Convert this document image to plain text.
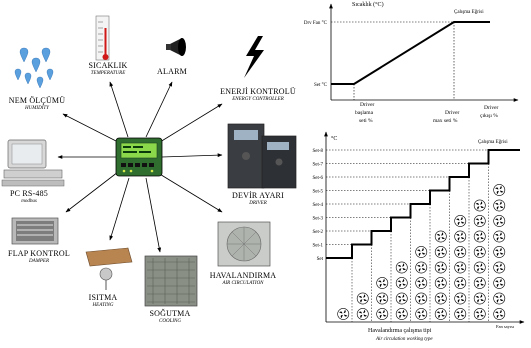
Sıcaklık (°C)
Drv Fan °C
Set °C
Çalışma Eğrisi
Driver
başlama
seti %
Driver
max seti %
Driver
çıkışı %
°C
Çalışma Eğrisi
Havalandırma çalışma tipi
Air circulation working type
Fan sayısı
Set
Set-1
Set-2
Set-3
Set-4
Set-5
Set-6
Set-7
Set-8
SICAKLIK
TEMPERATURE	ALARM
ENERJİ KONTROLÜ
ENERGY CONTROLLER
NEM ÖLÇÜMÜ
HUMIDITY
PC RS-485
modbus
FLAP KONTROL
DAMPER
ISITMA
HEATING
SOĞUTMA
COOLING
HAVALANDIRMA
AIR CIRCULATION
DEVİR AYARI
DRIVER
